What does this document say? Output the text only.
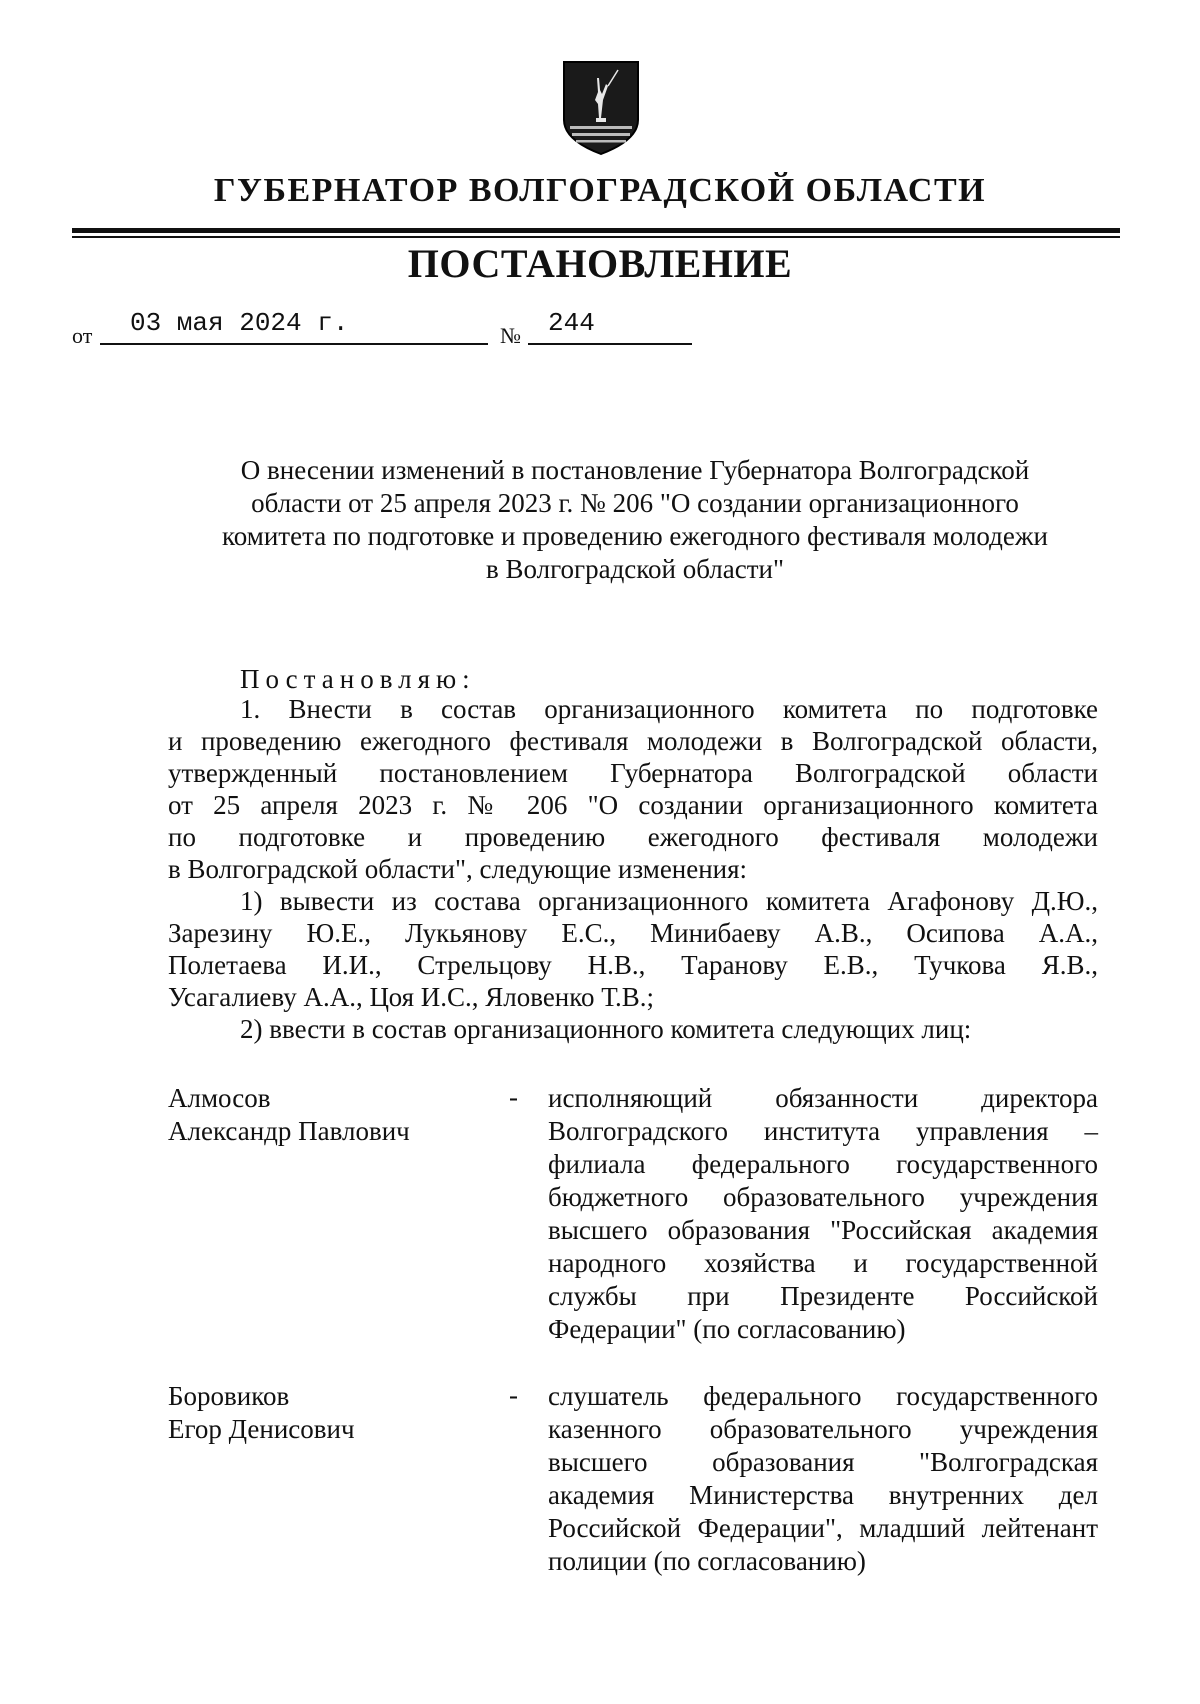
ГУБЕРНАТОР ВОЛГОГРАДСКОЙ ОБЛАСТИ
ПОСТАНОВЛЕНИЕ
от 03 мая 2024 г.	№ 244
О внесении изменений в постановление Губернатора Волгоградской
области от 25 апреля 2023 г. № 206 "О создании организационного
комитета по подготовке и проведению ежегодного фестиваля молодежи
в Волгоградской области"
Постановляю:
1. Внести в состав организационного комитета по подготовке
и проведению ежегодного фестиваля молодежи в Волгоградской области,
утвержденный постановлением Губернатора Волгоградской области
от 25 апреля 2023 г. № 206 "О создании организационного комитета
по подготовке и проведению ежегодного фестиваля молодежи
в Волгоградской области", следующие изменения:
1) вывести из состава организационного комитета Агафонову Д.Ю.,
Зарезину Ю.Е., Лукьянову Е.С., Минибаеву А.В., Осипова А.А.,
Полетаева И.И., Стрельцову Н.В., Таранову Е.В., Тучкова Я.В.,
Усагалиеву А.А., Цоя И.С., Яловенко Т.В.;
2) ввести в состав организационного комитета следующих лиц:
Алмосов
Александр Павлович
- исполняющий обязанности директора
Волгоградского института управления –
филиала федерального государственного
бюджетного образовательного учреждения
высшего образования "Российская академия
народного хозяйства и государственной
службы при Президенте Российской
Федерации" (по согласованию)
Боровиков
Егор Денисович
- слушатель федерального государственного
казенного образовательного учреждения
высшего образования "Волгоградская
академия Министерства внутренних дел
Российской Федерации", младший лейтенант
полиции (по согласованию)
